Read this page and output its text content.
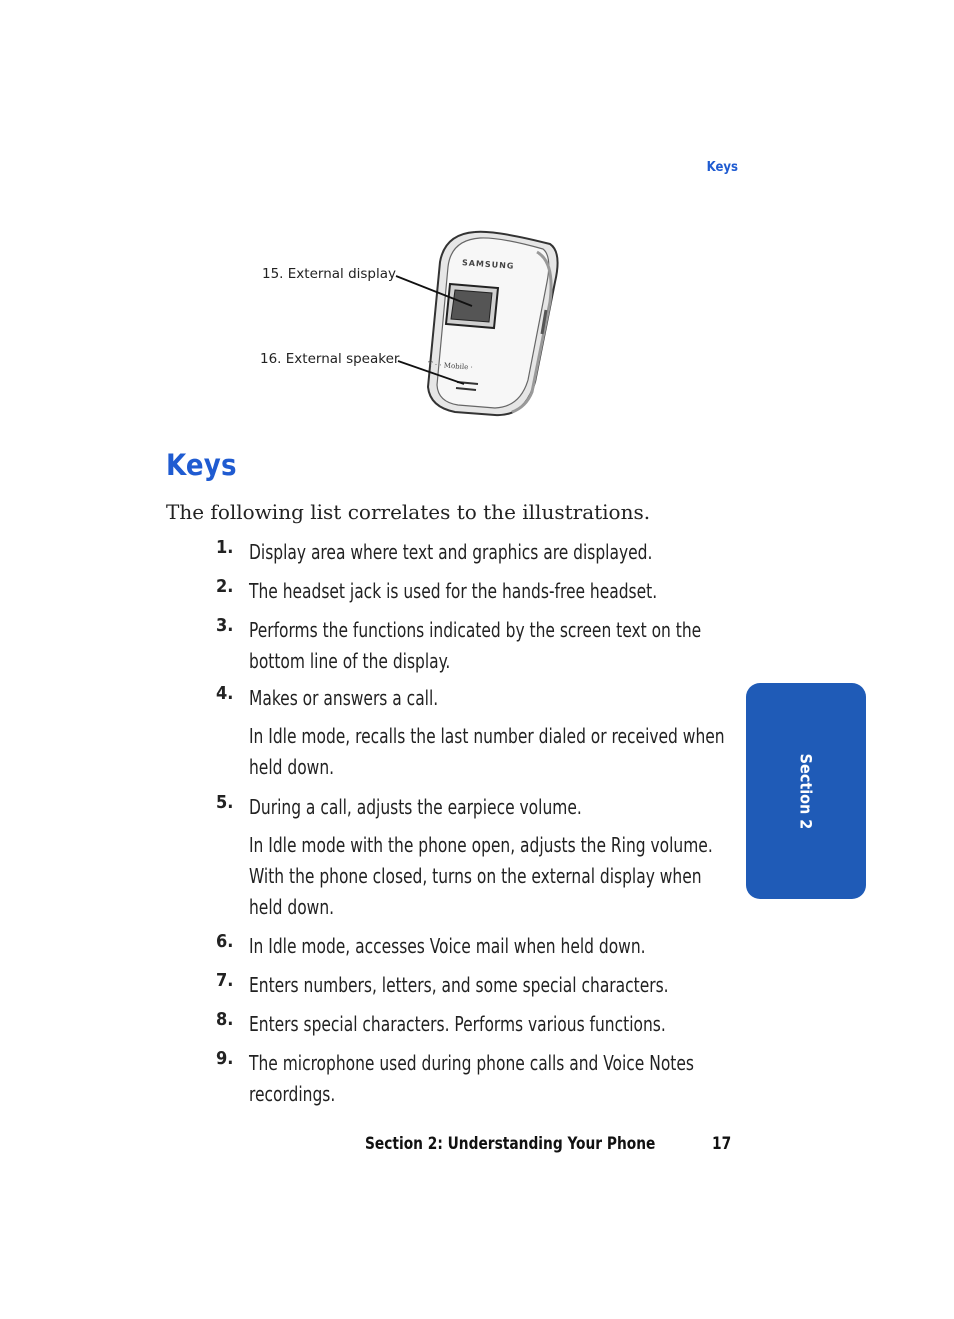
Keys
15. External display
16. External speaker
SAMSUNG
T · · Mobile ·
Keys

The following list correlates to the illustrations.

1. Display area where text and graphics are displayed.
2. The headset jack is used for the hands-free headset.
3. Performs the functions indicated by the screen text on the bottom line of the display.
4. Makes or answers a call.
In Idle mode, recalls the last number dialed or received when held down.
5. During a call, adjusts the earpiece volume.
In Idle mode with the phone open, adjusts the Ring volume. With the phone closed, turns on the external display when held down.
6. In Idle mode, accesses Voice mail when held down.
7. Enters numbers, letters, and some special characters.
8. Enters special characters. Performs various functions.
9. The microphone used during phone calls and Voice Notes recordings.
Section 2: Understanding Your Phone	17
Section 2
